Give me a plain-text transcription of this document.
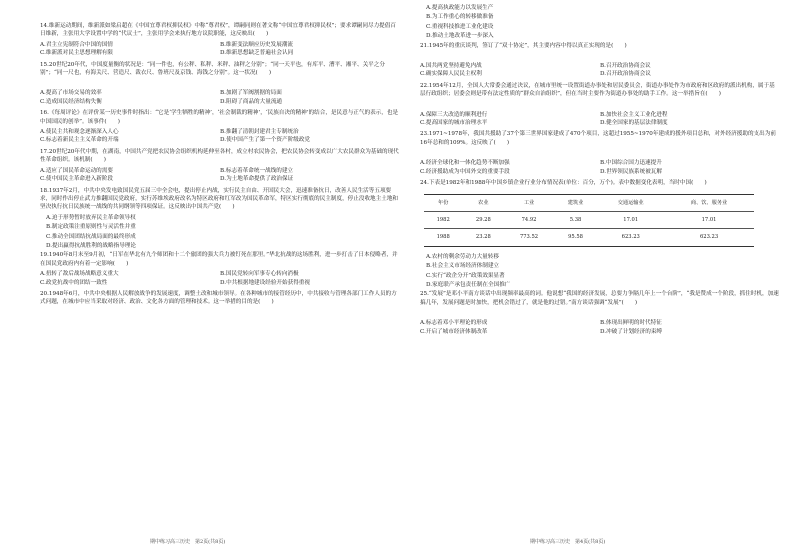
14.维新运动期间，维新派如梁启超在《中国宜尊君权抑民权》中称“尊君权”，谭嗣同则在著文称“中国宜尊君权抑民权”；要求谭嗣同尽力提倡百日维新，主张用大学设置中学的“代议士”，主张用学会来执行地方议院职能，这反映出(　　)

A.君主立宪制符合中国的国情	B.维新变法顺应历史发展潮流
C.维新派对民主思想理解有限	D.维新思想缺乏普遍社会认同

15.20世纪20年代，中国度量衡的状况是：“同一件也，有公秤、私秤、米秤、油秤之分别”；“同一天平也，有库平、漕平、湘平、关平之分别”；“同一尺也，有海关尺、营造尺、裁衣尺、鲁班尺及京钱、海钱之分别”。这一状况(　　)

A.提高了市场交易的效率	B.加剧了军阀割据的局面
C.造成国民经济结构失衡	D.阻碍了商品的大量流通

16.《每周评论》在评价某一历史事件时指出：“它是‘学生牺牲的精神’，‘社会制裁的精神’，‘民族自决的精神’的结合，是民意与正气的表示，也是中国国民的创举”。该事件(　　)

A.使民主共和观念逐渐深入人心	B.推翻了清朝封建君主专制统治
C.标志着新民主主义革命的开端	D.使中国产生了第一个资产阶级政党

17.20世纪20年代中期，在湖南，中国共产党把农民协会组织机构延伸至各村，成立村农民协会，把农民协会转变成以广大农民群众为基础的现代性革命组织。该机制(　　)

A.适应了国民革命运动的需要	B.标志着革命统一战线的建立
C.使中国民主革命进入新阶段	D.为土地革命提供了政治保证

18.1937年2月，中共中央发电致国民党五届三中全会电，提出停止内战，实行民主自由、开国民大会，迅速准备抗日，改善人民生活等五项要求，同时作出停止武力推翻国民党政府，实行苏维埃政府改名为特区政府和红军改为国民革命军，特区实行彻底的民主制度，停止没收地主土地和坚决执行抗日民族统一战线的共同纲领等四项保证。这反映出中国共产党(　　)

A.迫于形势暂时放弃民主革命领导权
B.制定政策注重原则性与灵活性并重
C.推动全国团结抗战局面的最终形成
D.提出赢得抗战胜利的战略指导理论

19.1940年8月末至9月初，“日军在华北有九个师团和十二个旅团的强大兵力被钉死在那里。”华北抗战的这场胜利，进一步打击了日本侵略者，并在国民党政府内有着一定影响(　　)

A.扭转了敌后战场战略意义重大	B.国民党转向军事专心转向消极
C.政党抗战中的团结一致性	D.中共根据地建设经验开始获得重视

20.1948年6月，中共中央根据人民解放战争的发展速度，调整土改和城市领导。在各种城市的接管经历中，中共接收与管理各部门工作人员的方式问题，在城市中应当采取对经济、政治、文化各方面的管理和技术。这一举措的目的是(　　)

期中练习高三历史　第2页(共8页)
A.提高执政能力以发展生产
B.为工作重心的转移做准备
C.重视科技推进工业化建设
D.推动土地改革进一步深入

21.1945年的重庆谈判，签订了“双十协定”，其主要内容中得以真正实现的是(　　)

A.国共两党坚持避免内战	B.召开政治协商会议
C.确实保障人民民主权利	D.召开政治协商会议

22.1954年12月，全国人大常委会通过决议，在城市里统一设置街道办事处和居民委员会，街道办事处作为市政府和区政府的派出机构，属于基层行政组织；居委会则是带有法定性质的“群众自治组织”，但在当时主要作为街道办事处的助手工作。这一举措旨在(　　)

A.保障三大改造的顺利进行	B.加快社会主义工业化进程
C.提高国家的城市治理水平	D.健全国家的基层法律制度

23.1971~1978年，我国共援助了37个第三世界国家建成了470个项目，这超过1955~1970年建成的援外项目总和，对外经济援助的支出为前16年总和的109%。这反映了(　　)

A.经济全球化和一体化趋势不断加强	B.中国综合国力迅速提升
C.经济援助成为中国外交的重要手段	D.世界领民族系统被瓦解

24.下表是1982年和1988年中国乡镇企业行业分布情况表(单位：百分，万个)。表中数据变化表明，当时中国(　　)

年份	农业	工业	建筑业	交通运输业	商、饮、服务业
1982	29.28	74.92	5.38	17.01	17.01
1988	23.28	773.52	95.58	623.23	623.23
A.农村的剩余劳动力大量转移
B.社会主义市场经济体制建立
C.实行“政企分开”政策效果显著
D.家庭联产承包责任制在全国推广

25.“发展”是邓小平南方谈话中出现频率最高的词。他说想“我国的经济发展，总要力争隔几年上一个台阶”，“我是赞成一个阶段，抓住时机，加速搞几年，发展问题是时加快，把机会错过了，就是他的过错。”南方谈话强调“发展”(　　)

A.标志着邓小平理论的形成	B.体现出鲜明的时代特征
C.开启了城市经济体制改革	D.冲破了计划经济的束缚
期中练习高三历史　第4页(共8页)
